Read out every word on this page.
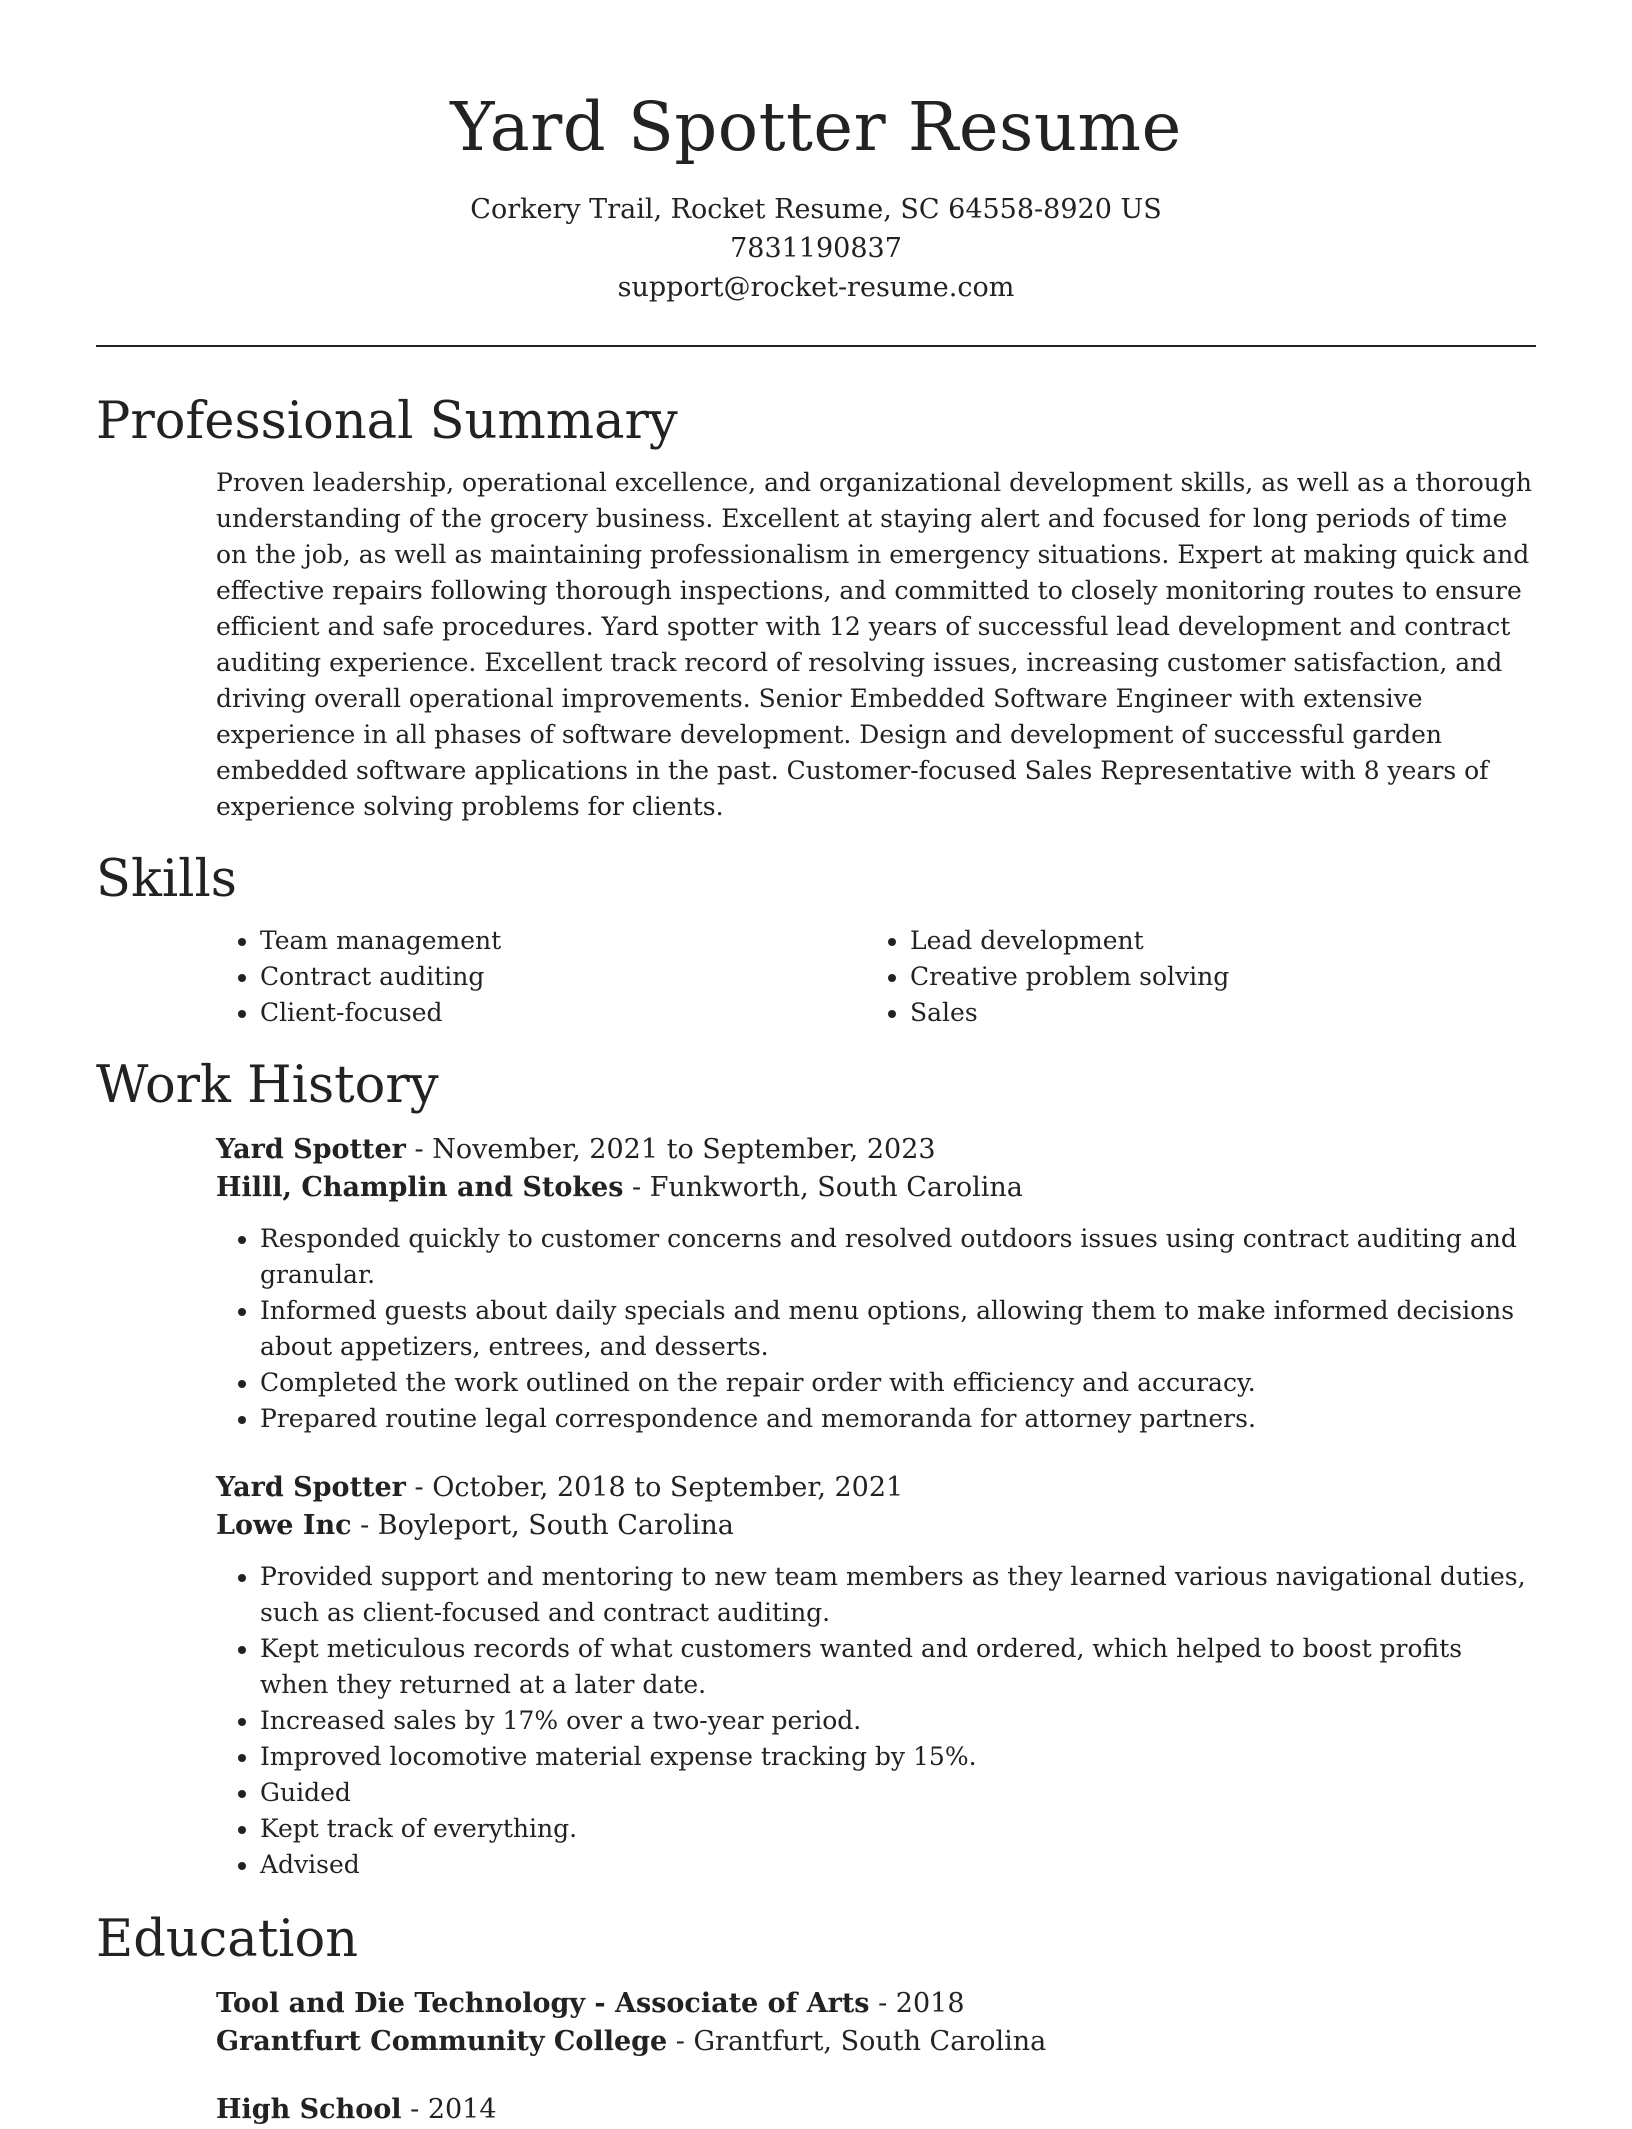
Yard Spotter Resume
Corkery Trail, Rocket Resume, SC 64558-8920 US
7831190837
support@rocket-resume.com
Professional Summary

Proven leadership, operational excellence, and organizational development skills, as well as a thorough understanding of the grocery business. Excellent at staying alert and focused for long periods of time on the job, as well as maintaining professionalism in emergency situations. Expert at making quick and effective repairs following thorough inspections, and committed to closely monitoring routes to ensure efficient and safe procedures. Yard spotter with 12 years of successful lead development and contract auditing experience. Excellent track record of resolving issues, increasing customer satisfaction, and driving overall operational improvements. Senior Embedded Software Engineer with extensive experience in all phases of software development. Design and development of successful garden embedded software applications in the past. Customer-focused Sales Representative with 8 years of experience solving problems for clients.

Skills
• Team management
• Contract auditing
• Client-focused
• Lead development
• Creative problem solving
• Sales
Work History
Yard Spotter - November, 2021 to September, 2023
Hilll, Champlin and Stokes - Funkworth, South Carolina
• Responded quickly to customer concerns and resolved outdoors issues using contract auditing and granular.
• Informed guests about daily specials and menu options, allowing them to make informed decisions about appetizers, entrees, and desserts.
• Completed the work outlined on the repair order with efficiency and accuracy.
• Prepared routine legal correspondence and memoranda for attorney partners.
Yard Spotter - October, 2018 to September, 2021
Lowe Inc - Boyleport, South Carolina
• Provided support and mentoring to new team members as they learned various navigational duties, such as client-focused and contract auditing.
• Kept meticulous records of what customers wanted and ordered, which helped to boost profits when they returned at a later date.
• Increased sales by 17% over a two-year period.
• Improved locomotive material expense tracking by 15%.
• Guided
• Kept track of everything.
• Advised
Education
Tool and Die Technology - Associate of Arts - 2018
Grantfurt Community College - Grantfurt, South Carolina
High School - 2014
